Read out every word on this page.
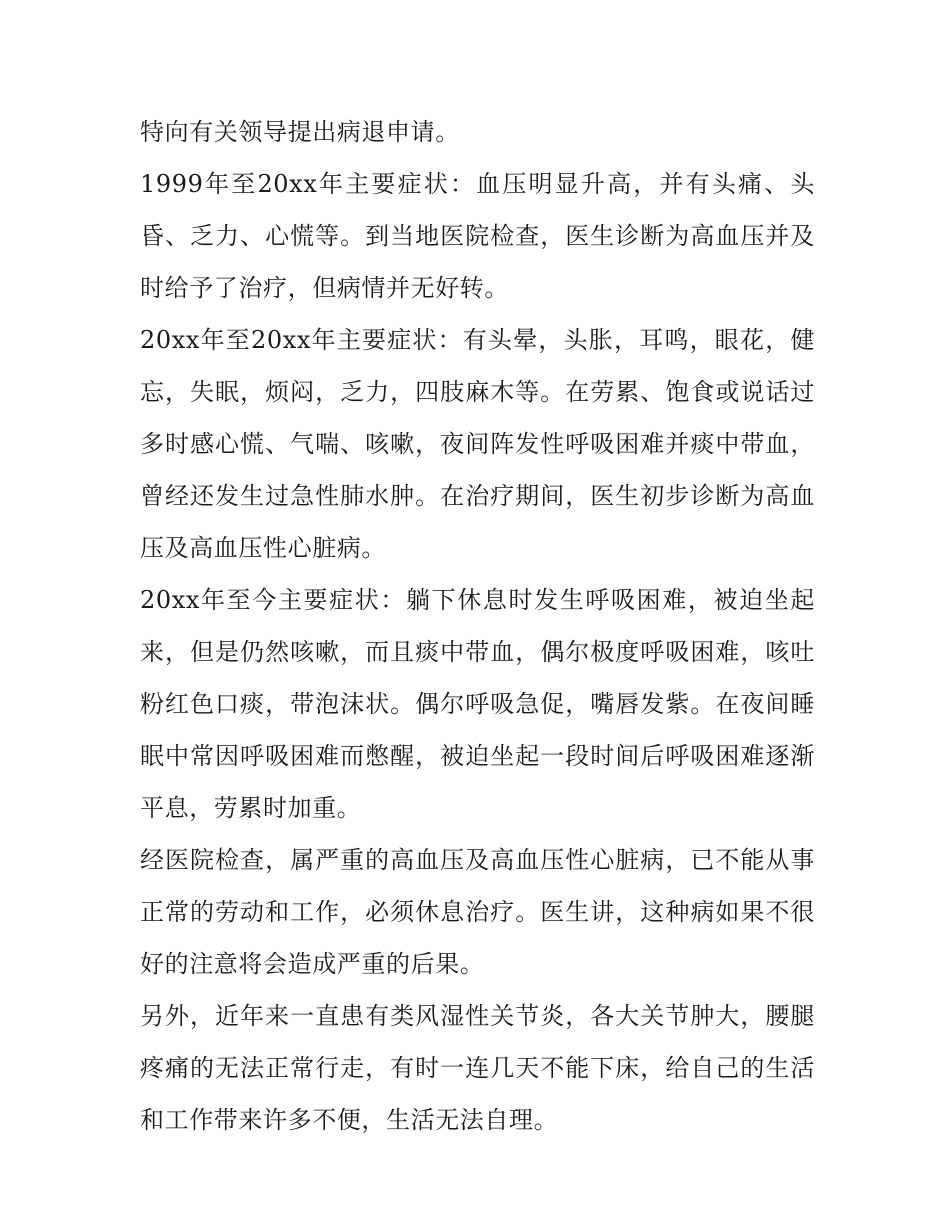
特向有关领导提出病退申请。

1999年至20xx年主要症状：血压明显升高，并有头痛、头昏、乏力、心慌等。到当地医院检查，医生诊断为高血压并及时给予了治疗，但病情并无好转。

20xx年至20xx年主要症状：有头晕，头胀，耳鸣，眼花，健忘，失眠，烦闷，乏力，四肢麻木等。在劳累、饱食或说话过多时感心慌、气喘、咳嗽，夜间阵发性呼吸困难并痰中带血，曾经还发生过急性肺水肿。在治疗期间，医生初步诊断为高血压及高血压性心脏病。

20xx年至今主要症状：躺下休息时发生呼吸困难，被迫坐起来，但是仍然咳嗽，而且痰中带血，偶尔极度呼吸困难，咳吐粉红色口痰，带泡沫状。偶尔呼吸急促，嘴唇发紫。在夜间睡眠中常因呼吸困难而憋醒，被迫坐起一段时间后呼吸困难逐渐平息，劳累时加重。

经医院检查，属严重的高血压及高血压性心脏病，已不能从事正常的劳动和工作，必须休息治疗。医生讲，这种病如果不很好的注意将会造成严重的后果。

另外，近年来一直患有类风湿性关节炎，各大关节肿大，腰腿疼痛的无法正常行走，有时一连几天不能下床，给自己的生活和工作带来许多不便，生活无法自理。
